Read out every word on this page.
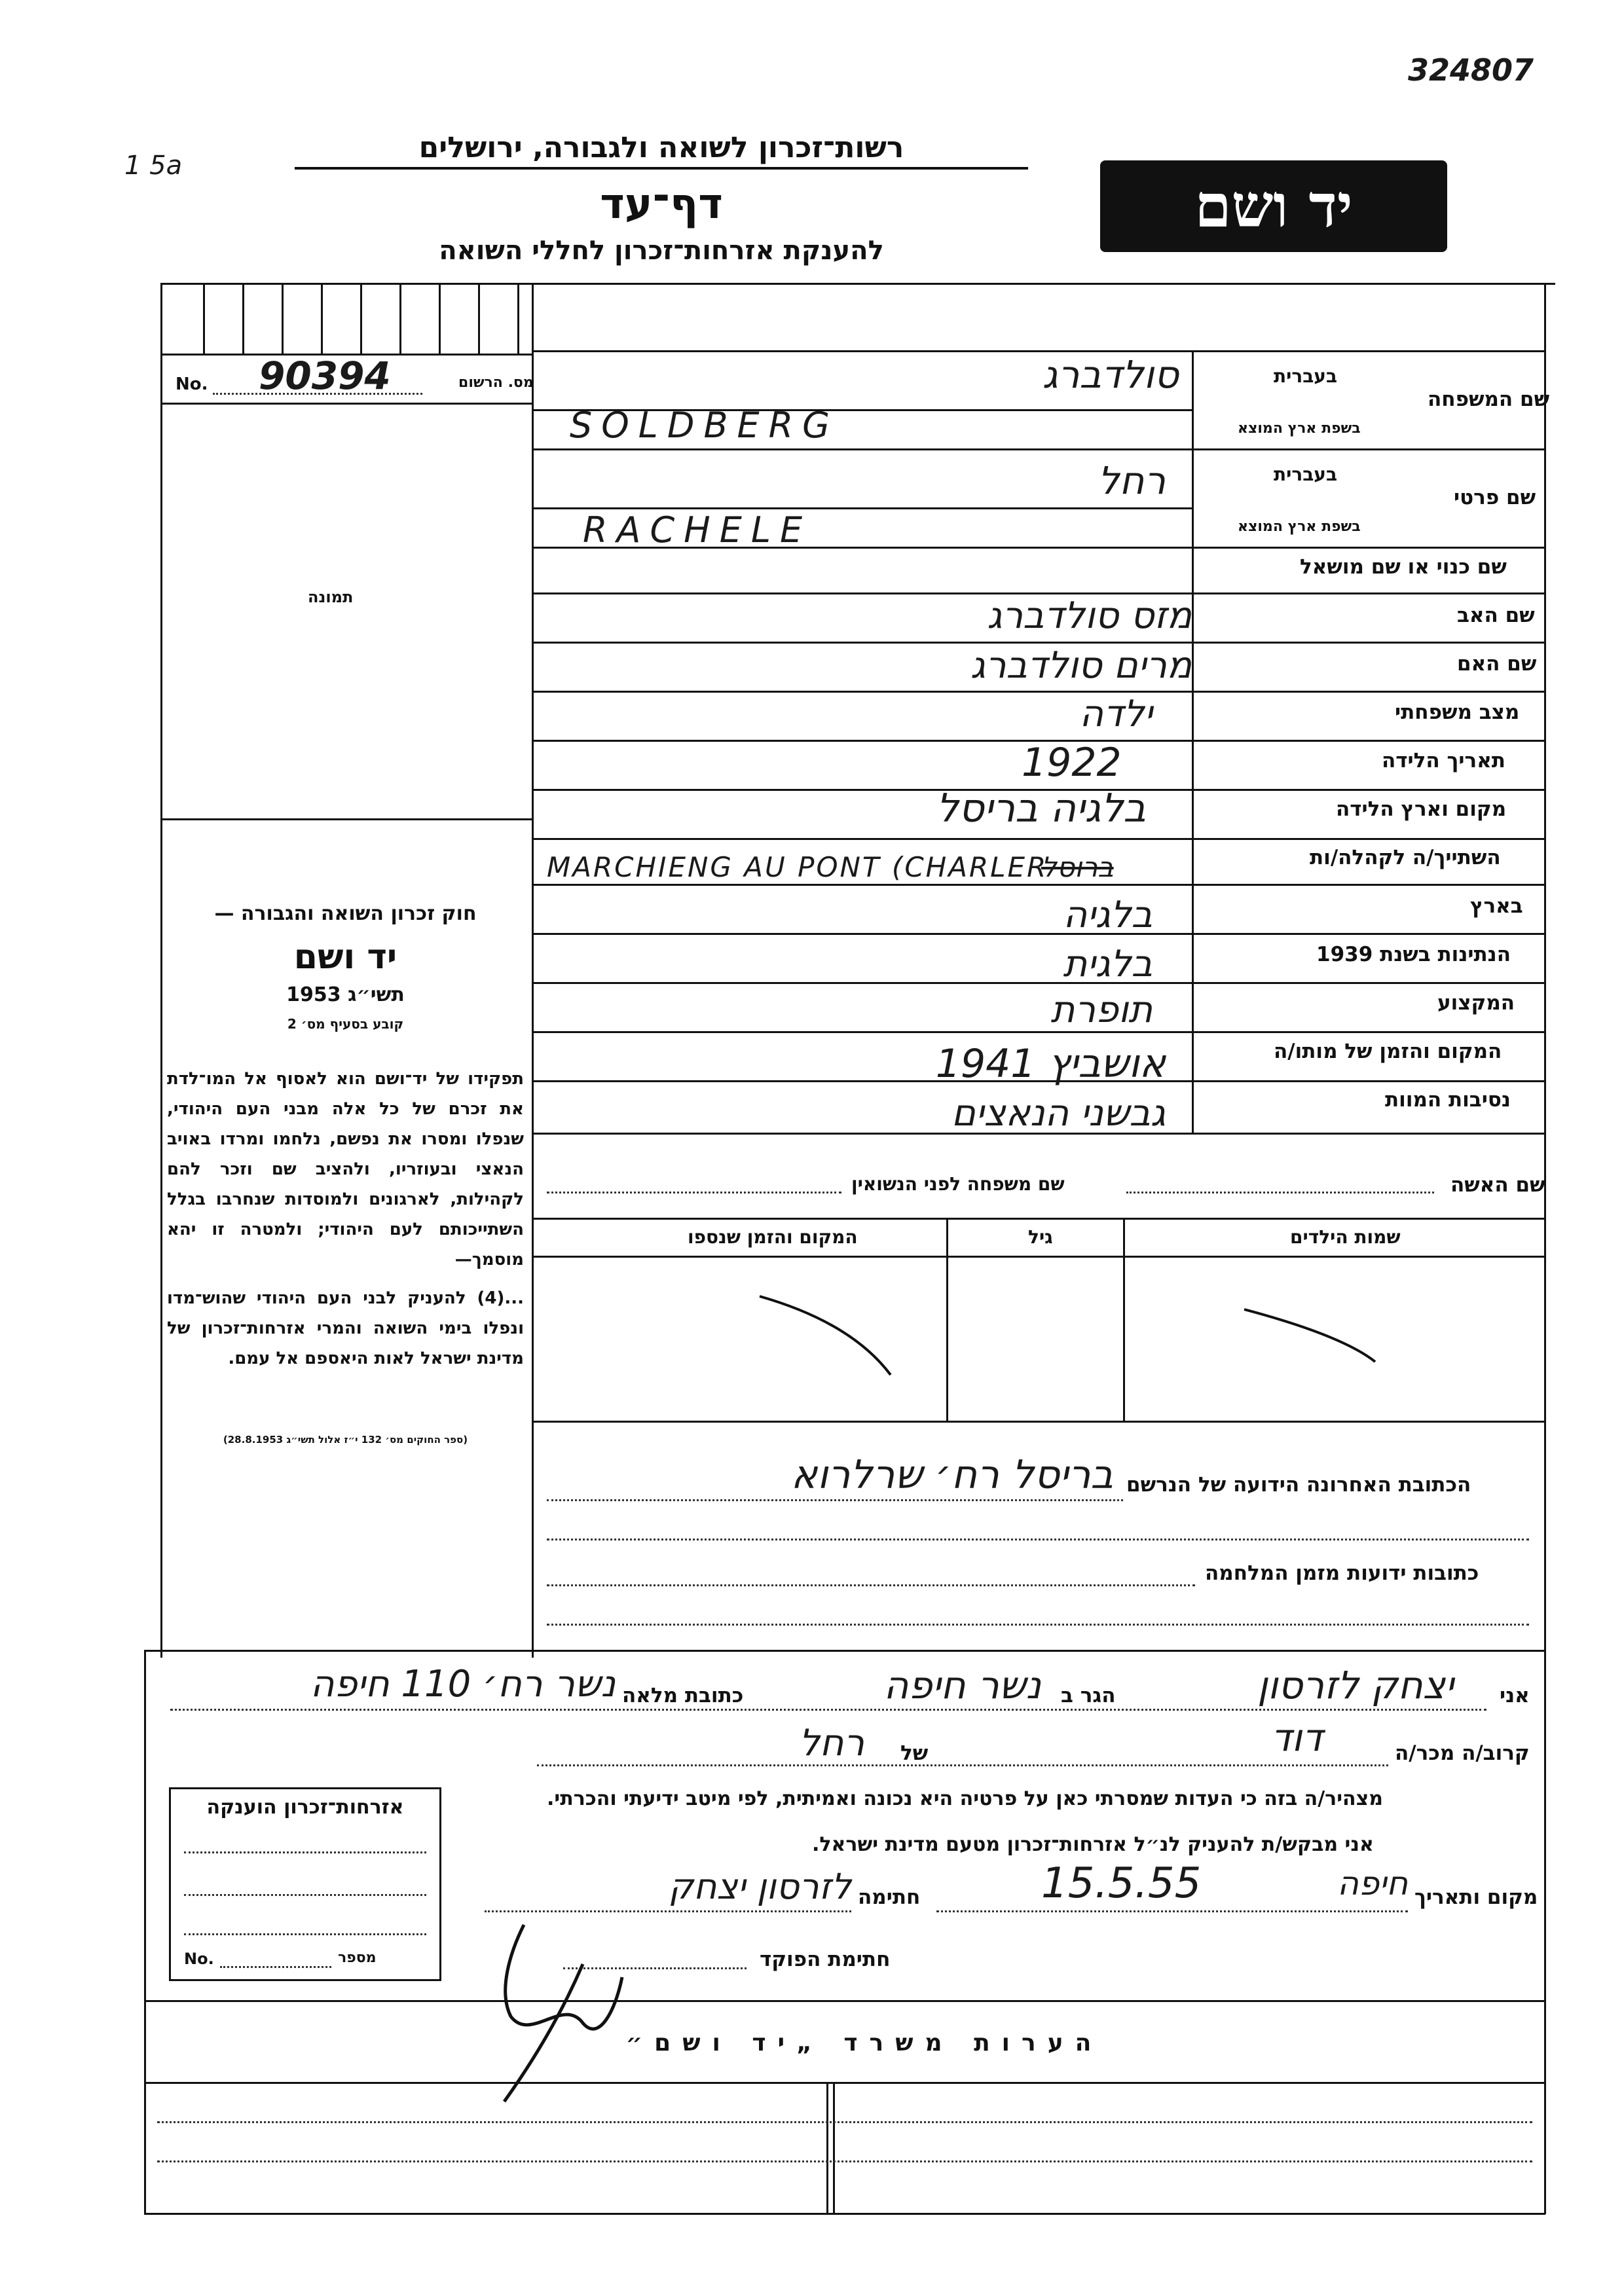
324807
1 5a
רשות־זכרון לשואה ולגבורה, ירושלים
דף־עד
להענקת אזרחות־זכרון לחללי השואה
יד ושם
No. 90394	מס. הרשום
תמונה
חוק זכרון השואה והגבורה —
יד ושם
תשי״ג 1953
קובע בסעיף מס׳ 2
תפקידו של יד־ושם הוא לאסוף אל המו־לדת את זכרם של כל אלה מבני העם היהודי, שנפלו ומסרו את נפשם, נלחמו ומרדו באויב הנאצי ובעוזריו, ולהציב שם וזכר להם לקהילות, לארגונים ולמוסדות שנחרבו בגלל השתייכותם לעם היהודי; ולמטרה זו יהא מוסמך—
...(4) להעניק לבני העם היהודי שהוש־מדו ונפלו בימי השואה והמרי אזרחות־זכרון של מדינת ישראל לאות היאספם אל עמם.
(ספר החוקים מס׳ 132 י״ז אלול תשי״ג 28.8.1953)
בעברית
שם המשפחה
בשפת ארץ המוצא
בעברית
שם פרטי
בשפת ארץ המוצא
שם כנוי או שם מושאל
שם האב
שם האם
מצב משפחתי
תאריך הלידה
מקום וארץ הלידה
השתייך/ה לקהלה/ות
בארץ
הנתינות בשנת 1939
המקצוע
המקום והזמן של מותו/ה
נסיבות המוות
סולדברג
SOLDBERG
רחל
RACHELE
מזס סולדברג
מרים סולדברג
ילדה
1922
בלגיה בריסל
MARCHIENG AU PONT (CHARLER
ברוסל
בלגיה
בלגית
תופרת
אושביץ 1941
גבשני הנאצים
שם האשה
שם משפחה לפני הנשואין
שמות הילדים
גיל
המקום והזמן שנספו
הכתובת האחרונה הידועה של הנרשם
בריסל רח׳ שרלרוא
כתובות ידועות מזמן המלחמה
אני
יצחק לזרסון
הגר ב
נשר חיפה
כתובת מלאה
נשר רח׳ 110 חיפה
קרוב/ה מכר/ה
דוד
של
רחל
מצהיר/ה בזה כי העדות שמסרתי כאן על פרטיה היא נכונה ואמיתית, לפי מיטב ידיעתי והכרתי.
אני מבקש/ת להעניק לנ״ל אזרחות־זכרון מטעם מדינת ישראל.
מקום ותאריך
חיפה
15.5.55
חתימה
לזרסון יצחק
חתימת הפוקד
אזרחות־זכרון הוענקה
No.	מספר
הערות משרד „יד ושם״
